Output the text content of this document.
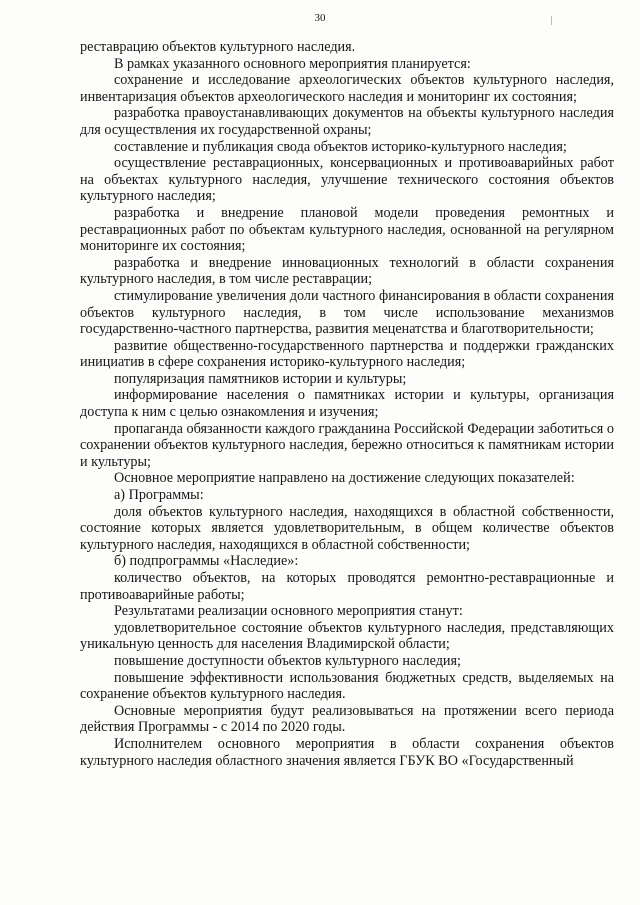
30

реставрацию объектов культурного наследия.

В рамках указанного основного мероприятия планируется:

сохранение и исследование археологических объектов культурного наследия, инвентаризация объектов археологического наследия и мониторинг их состояния;

разработка правоустанавливающих документов на объекты культурного наследия для осуществления их государственной охраны;

составление и публикация свода объектов историко-культурного наследия;

осуществление реставрационных, консервационных и противоаварийных работ на объектах культурного наследия, улучшение технического состояния объектов культурного наследия;

разработка и внедрение плановой модели проведения ремонтных и реставрационных работ по объектам культурного наследия, основанной на регулярном мониторинге их состояния;

разработка и внедрение инновационных технологий в области сохранения культурного наследия, в том числе реставрации;

стимулирование увеличения доли частного финансирования в области сохранения объектов культурного наследия, в том числе использование механизмов государственно-частного партнерства, развития меценатства и благотворительности;

развитие общественно-государственного партнерства и поддержки гражданских инициатив в сфере сохранения историко-культурного наследия;

популяризация памятников истории и культуры;

информирование населения о памятниках истории и культуры, организация доступа к ним с целью ознакомления и изучения;

пропаганда обязанности каждого гражданина Российской Федерации заботиться о сохранении объектов культурного наследия, бережно относиться к памятникам истории и культуры;

Основное мероприятие направлено на достижение следующих показателей:

а) Программы:

доля объектов культурного наследия, находящихся в областной собственности, состояние которых является удовлетворительным, в общем количестве объектов культурного наследия, находящихся в областной собственности;

б) подпрограммы «Наследие»:

количество объектов, на которых проводятся ремонтно-реставрационные и противоаварийные работы;

Результатами реализации основного мероприятия станут:

удовлетворительное состояние объектов культурного наследия, представляющих уникальную ценность для населения Владимирской области;

повышение доступности объектов культурного наследия;

повышение эффективности использования бюджетных средств, выделяемых на сохранение объектов культурного наследия.

Основные мероприятия будут реализовываться на протяжении всего периода действия Программы - с 2014 по 2020 годы.

Исполнителем основного мероприятия в области сохранения объектов культурного наследия областного значения является ГБУК ВО «Государственный
